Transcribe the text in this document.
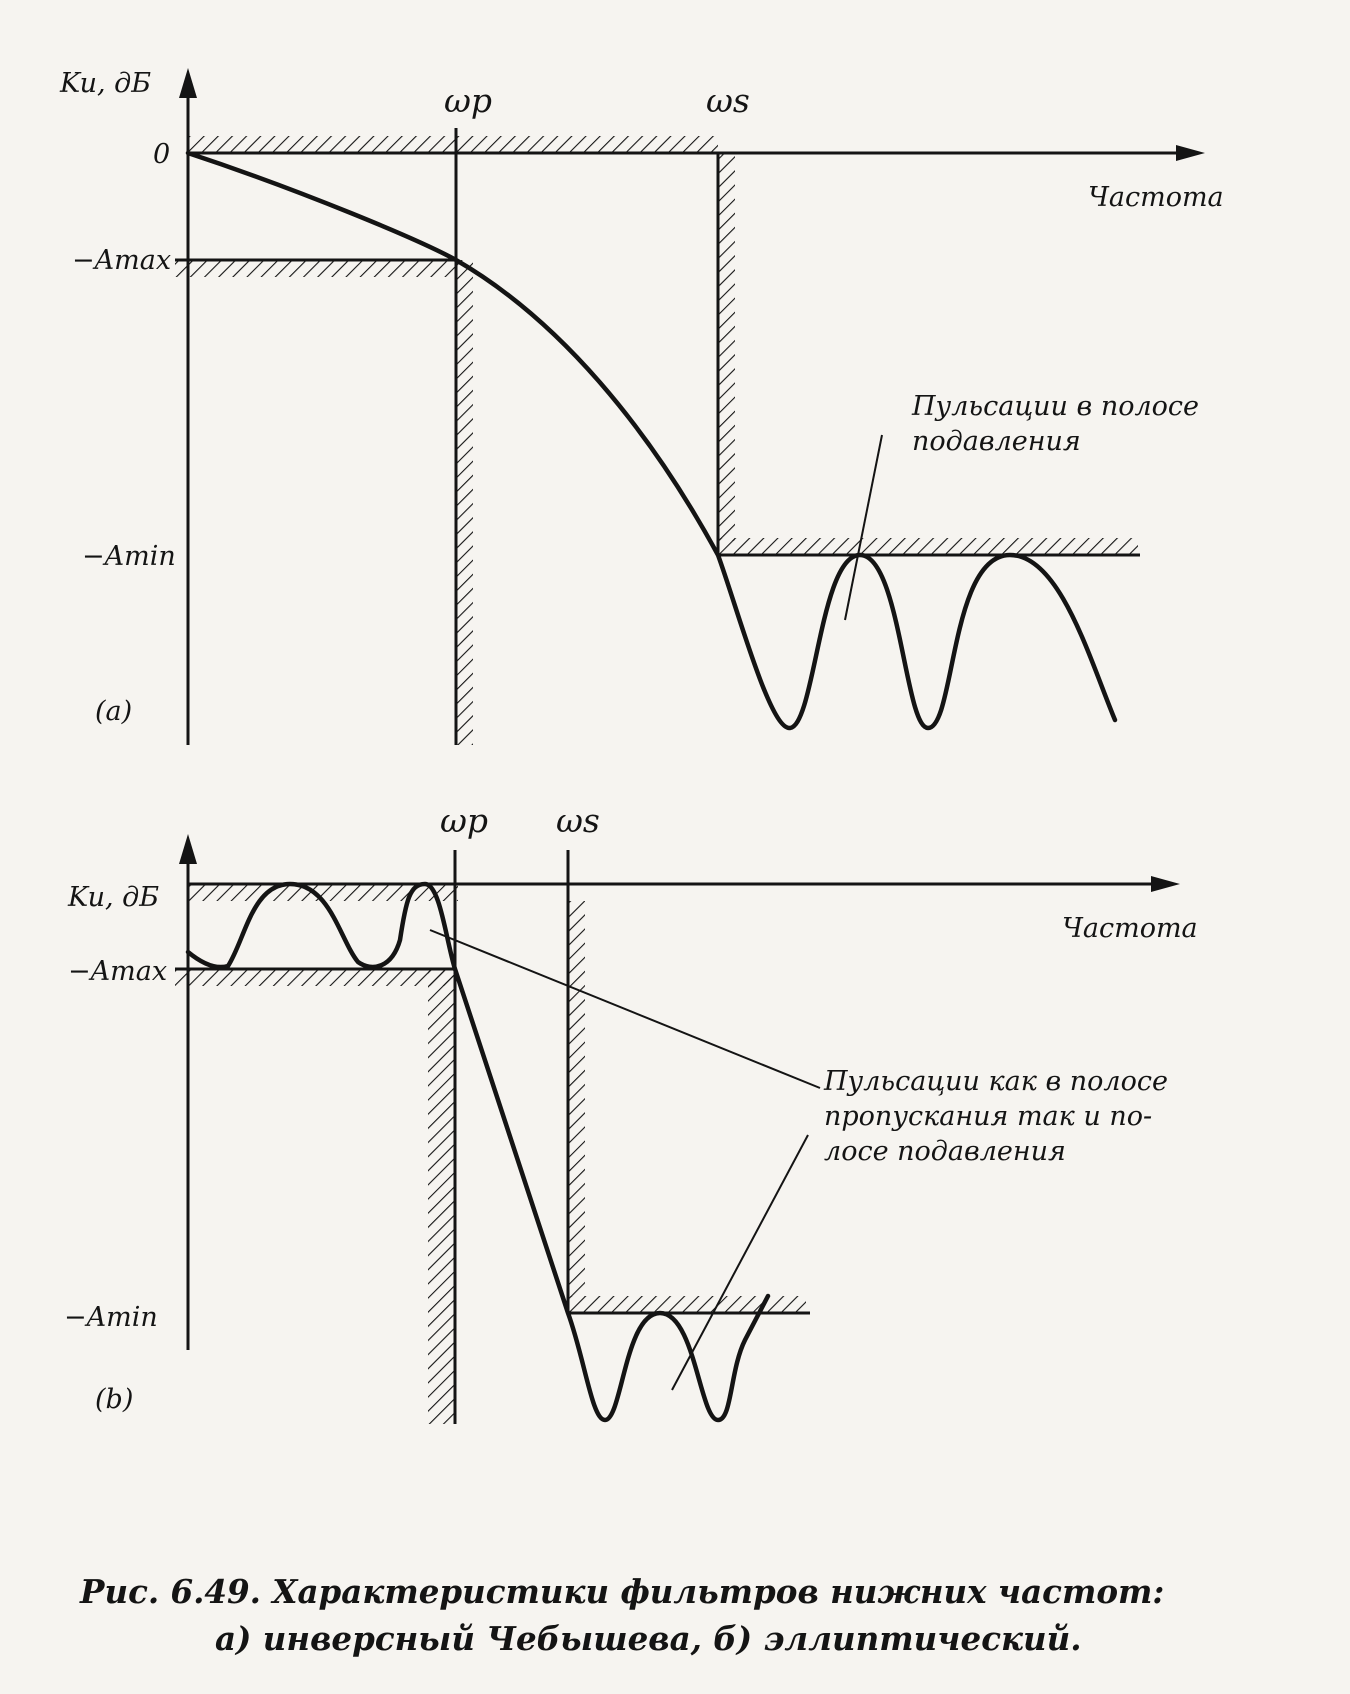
Ku, дБ
0
−Amax
−Amin
ωp	ωs
Частота
(a)
Пульсации в полосе
подавления
Ku, дБ
−Amax
−Amin
ωp ωs
Частота
(b)
Пульсации как в полосе
пропускания так и по-
лосе подавления
Рис. 6.49. Характеристики фильтров нижних частот:
а) инверсный Чебышева, б) эллиптический.
